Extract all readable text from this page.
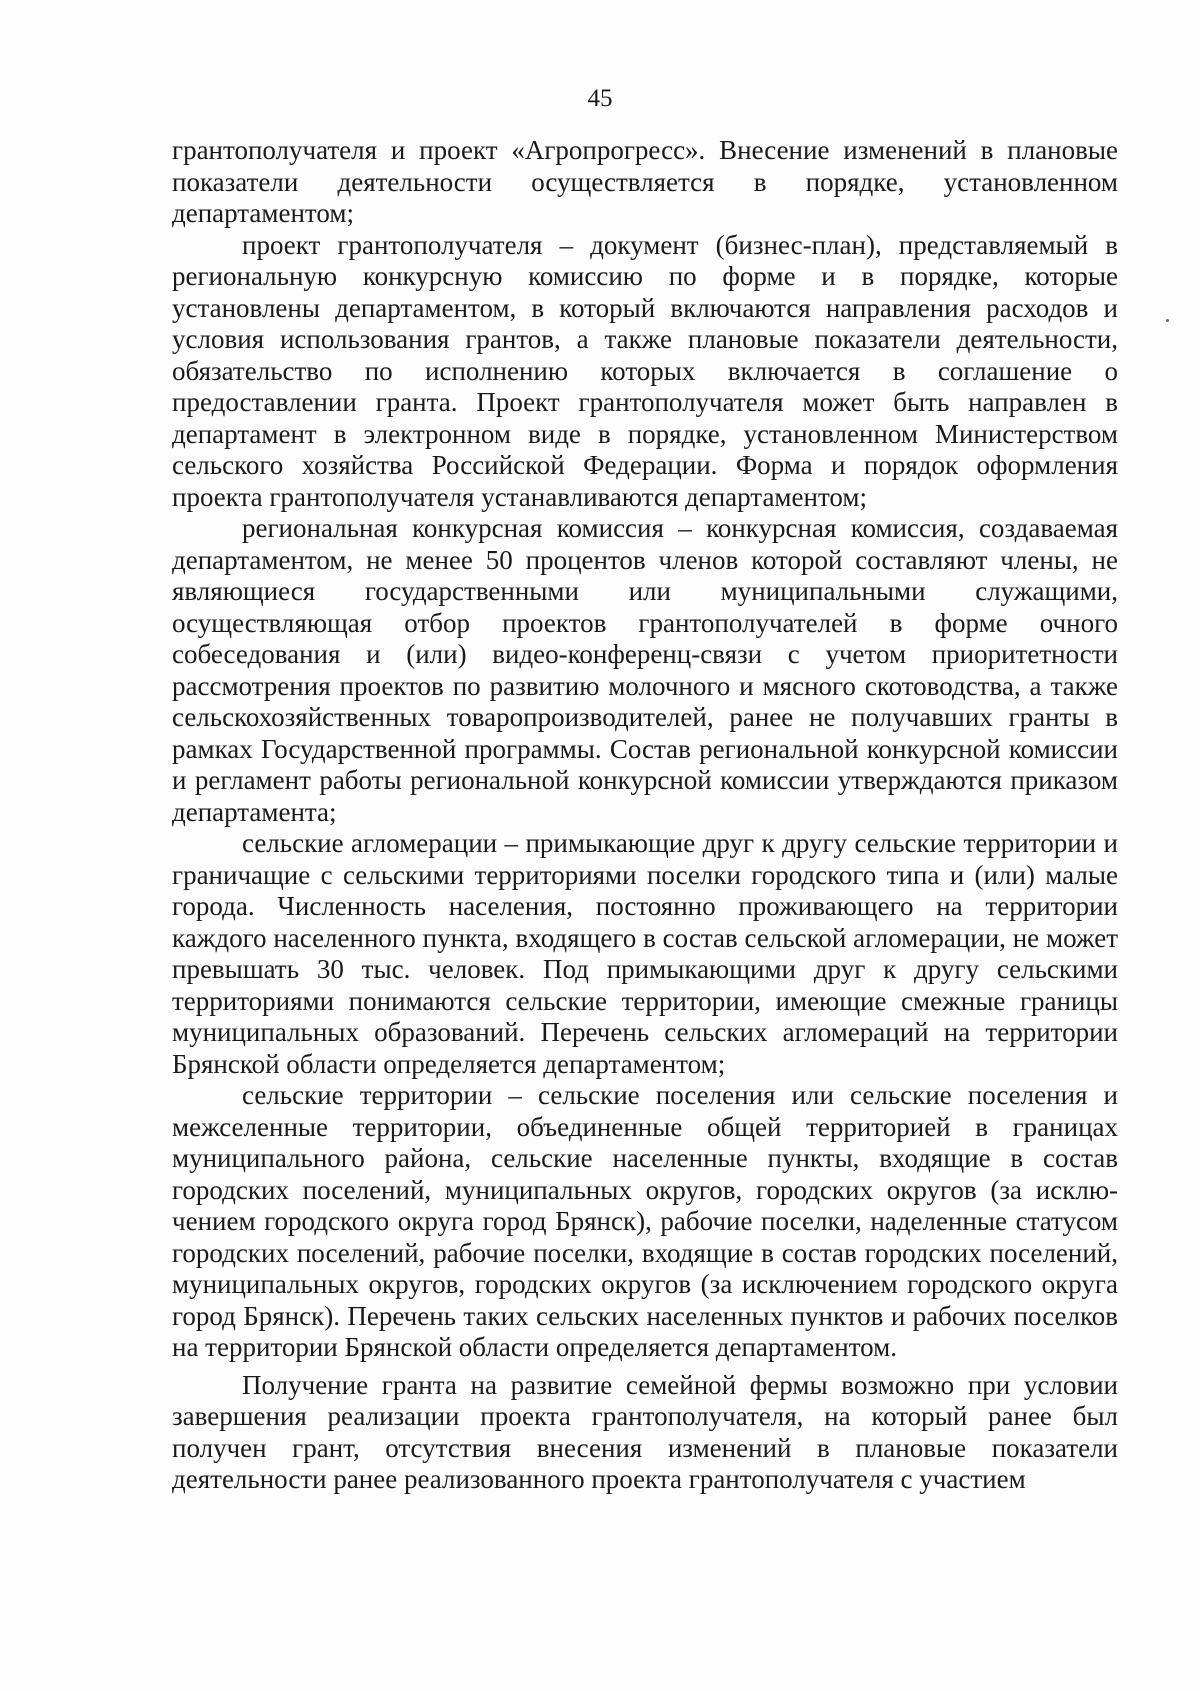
45

грантополучателя и проект «Агропрогресс». Внесение изменений в плановые показатели деятельности осуществляется в порядке, установленном департаментом;

проект грантополучателя – документ (бизнес-план), представляемый в региональную конкурсную комиссию по форме и в порядке, которые установлены департаментом, в который включаются направления расходов и условия использования грантов, а также плановые показатели деятельности, обязательство по исполнению которых включается в соглашение о предоставлении гранта. Проект грантополучателя может быть направлен в департамент в электронном виде в порядке, установленном Министерством сельского хозяйства Российской Федерации. Форма и порядок оформления проекта грантополучателя устанавливаются департаментом;

региональная конкурсная комиссия – конкурсная комиссия, создаваемая департаментом, не менее 50 процентов членов которой составляют члены, не являющиеся государственными или муниципальными служащими, осуществляющая отбор проектов грантополучателей в форме очного собеседования и (или) видео-конференц-связи с учетом приоритетности рассмотрения проектов по развитию молочного и мясного скотоводства, а также сельскохозяйственных товаропроизводителей, ранее не получавших гранты в рамках Государственной программы. Состав региональной конкурсной комиссии и регламент работы региональной конкурсной комиссии утверждаются приказом департамента;

сельские агломерации – примыкающие друг к другу сельские территории и граничащие с сельскими территориями поселки городского типа и (или) малые города. Численность населения, постоянно проживающего на территории каждого населенного пункта, входящего в состав сельской агломерации, не может превышать 30 тыс. человек. Под примыкающими друг к другу сельскими территориями понимаются сельские территории, имеющие смежные границы муниципальных образований. Перечень сельских агломераций на территории Брянской области определяется департаментом;

сельские территории – сельские поселения или сельские поселения и межселенные территории, объединенные общей территорией в границах муниципального района, сельские населенные пункты, входящие в состав городских поселений, муниципальных округов, городских округов (за исключением городского округа город Брянск), рабочие поселки, наделенные статусом городских поселений, рабочие поселки, входящие в состав городских поселений, муниципальных округов, городских округов (за исключением городского округа город Брянск). Перечень таких сельских населенных пунктов и рабочих поселков на территории Брянской области определяется департаментом.

Получение гранта на развитие семейной фермы возможно при условии завершения реализации проекта грантополучателя, на который ранее был получен грант, отсутствия внесения изменений в плановые показатели деятельности ранее реализованного проекта грантополучателя с участием
